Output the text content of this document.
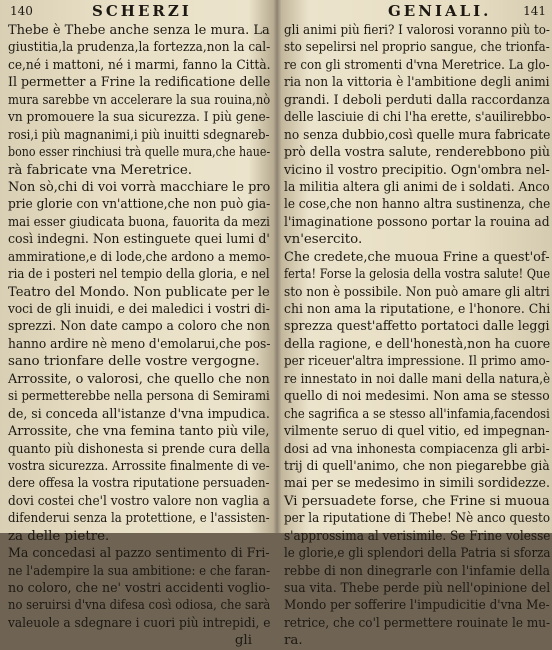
140	SCHERZI
Thebe è Thebe anche senza le mura. La
giustitia,la prudenza,la fortezza,non la cal-
ce,né i mattoni, né i marmi, fanno la Città.
Il permetter a Frine la redificatione delle
mura sarebbe vn accelerare la sua rouina,nò
vn promouere la sua sicurezza. I più gene-
rosi,i più magnanimi,i più inuitti sdegnareb-
bono esser rinchiusi trà quelle mura,che haue-
rà fabricate vna Meretrice.
Non sò,chi di voi vorrà macchiare le pro
prie glorie con vn'attione,che non può gia-
mai esser giudicata buona, fauorita da mezi
così indegni. Non estinguete quei lumi d'
ammiratione,e di lode,che ardono a memo-
ria de i posteri nel tempio della gloria, e nel
Teatro del Mondo. Non publicate per le
voci de gli inuidi, e dei maledici i vostri di-
sprezzi. Non date campo a coloro che non
hanno ardire nè meno d'emolarui,che pos-
sano trionfare delle vostre vergogne.
Arrossite, o valorosi, che quello che non
si permetterebbe nella persona di Semirami
de, si conceda all'istanze d'vna impudica.
Arrossite, che vna femina tanto più vile,
quanto più dishonesta si prende cura della
vostra sicurezza. Arrossite finalmente di ve-
dere offesa la vostra riputatione persuaden-
dovi costei che'l vostro valore non vaglia a
difenderui senza la protettione, e l'assisten-
za delle pietre.
Ma concedasi al pazzo sentimento di Fri-
ne l'adempire la sua ambitione: e che faran-
no coloro, che ne' vostri accidenti voglio-
no seruirsi d'vna difesa così odiosa, che sarà
valeuole a sdegnare i cuori più intrepidi, e
gli
GENIALI.	141
gli animi più fieri? I valorosi voranno più to-
sto sepelirsi nel proprio sangue, che trionfa-
re con gli stromenti d'vna Meretrice. La glo-
ria non la vittoria è l'ambitione degli animi
grandi. I deboli perduti dalla raccordanza
delle lasciuie di chi l'ha erette, s'auilirebbo-
no senza dubbio,così quelle mura fabricate
prò della vostra salute, renderebbono più
vicino il vostro precipitio. Ogn'ombra nel-
la militia altera gli animi de i soldati. Anco
le cose,che non hanno altra sustinenza, che
l'imaginatione possono portar la rouina ad
vn'esercito.
Che credete,che muoua Frine a quest'of-
ferta! Forse la gelosia della vostra salute! Que
sto non è possibile. Non può amare gli altri
chi non ama la riputatione, e l'honore. Chi
sprezza quest'affetto portatoci dalle leggi
della ragione, e dell'honestà,non ha cuore
per riceuer'altra impressione. Il primo amo-
re innestato in noi dalle mani della natura,è
quello di noi medesimi. Non ama se stesso
che sagrifica a se stesso all'infamia,facendosi
vilmente seruo di quel vitio, ed impegnan-
dosi ad vna inhonesta compiacenza gli arbi-
trij di quell'animo, che non piegarebbe già
mai per se medesimo in simili sordidezze.
Vi persuadete forse, che Frine si muoua
per la riputatione di Thebe! Nè anco questo
s'approssima al verisimile. Se Frine volesse
le glorie,e gli splendori della Patria si sforza
rebbe di non dinegrarle con l'infamie della
sua vita. Thebe perde più nell'opinione del
Mondo per sofferire l'impudicitie d'vna Me-
retrice, che co'l permettere rouinate le mu-
ra.
